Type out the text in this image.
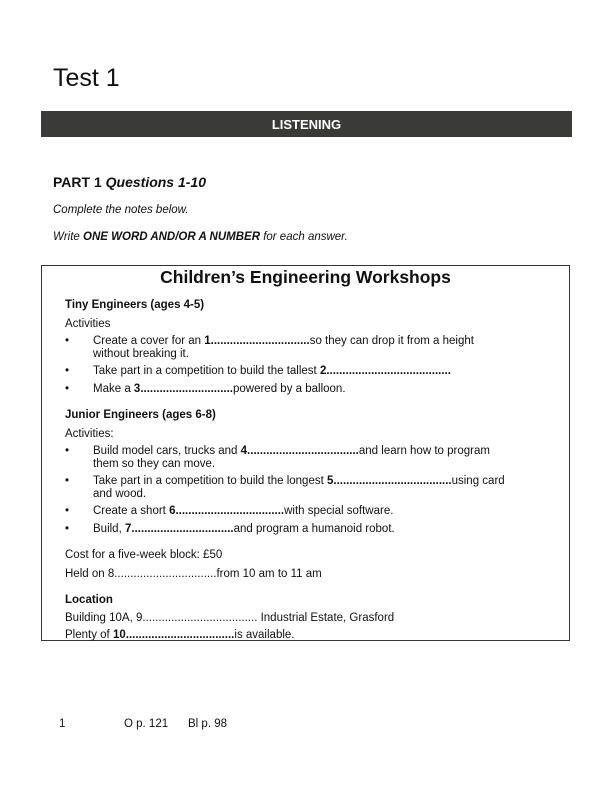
Test 1
LISTENING
PART 1 Questions 1-10
Complete the notes below.
Write ONE WORD AND/OR A NUMBER for each answer.
Children’s Engineering Workshops
Tiny Engineers (ages 4-5)
Activities
•	Create a cover for an 1...............................so they can drop it from a height
without breaking it.
•	Take part in a competition to build the tallest 2.......................................
•	Make a 3.............................powered by a balloon.
Junior Engineers (ages 6-8)
Activities:
•	Build model cars, trucks and 4...................................and learn how to program
them so they can move.
•	Take part in a competition to build the longest 5.....................................using card
and wood.
•	Create a short 6..................................with special software.
•	Build, 7................................and program a humanoid robot.
Cost for a five-week block: £50
Held on 8................................from 10 am to 11 am
Location
Building 10A, 9.................................... Industrial Estate, Grasford
Plenty of 10..................................is available.
1	O p. 121 Bl p. 98
